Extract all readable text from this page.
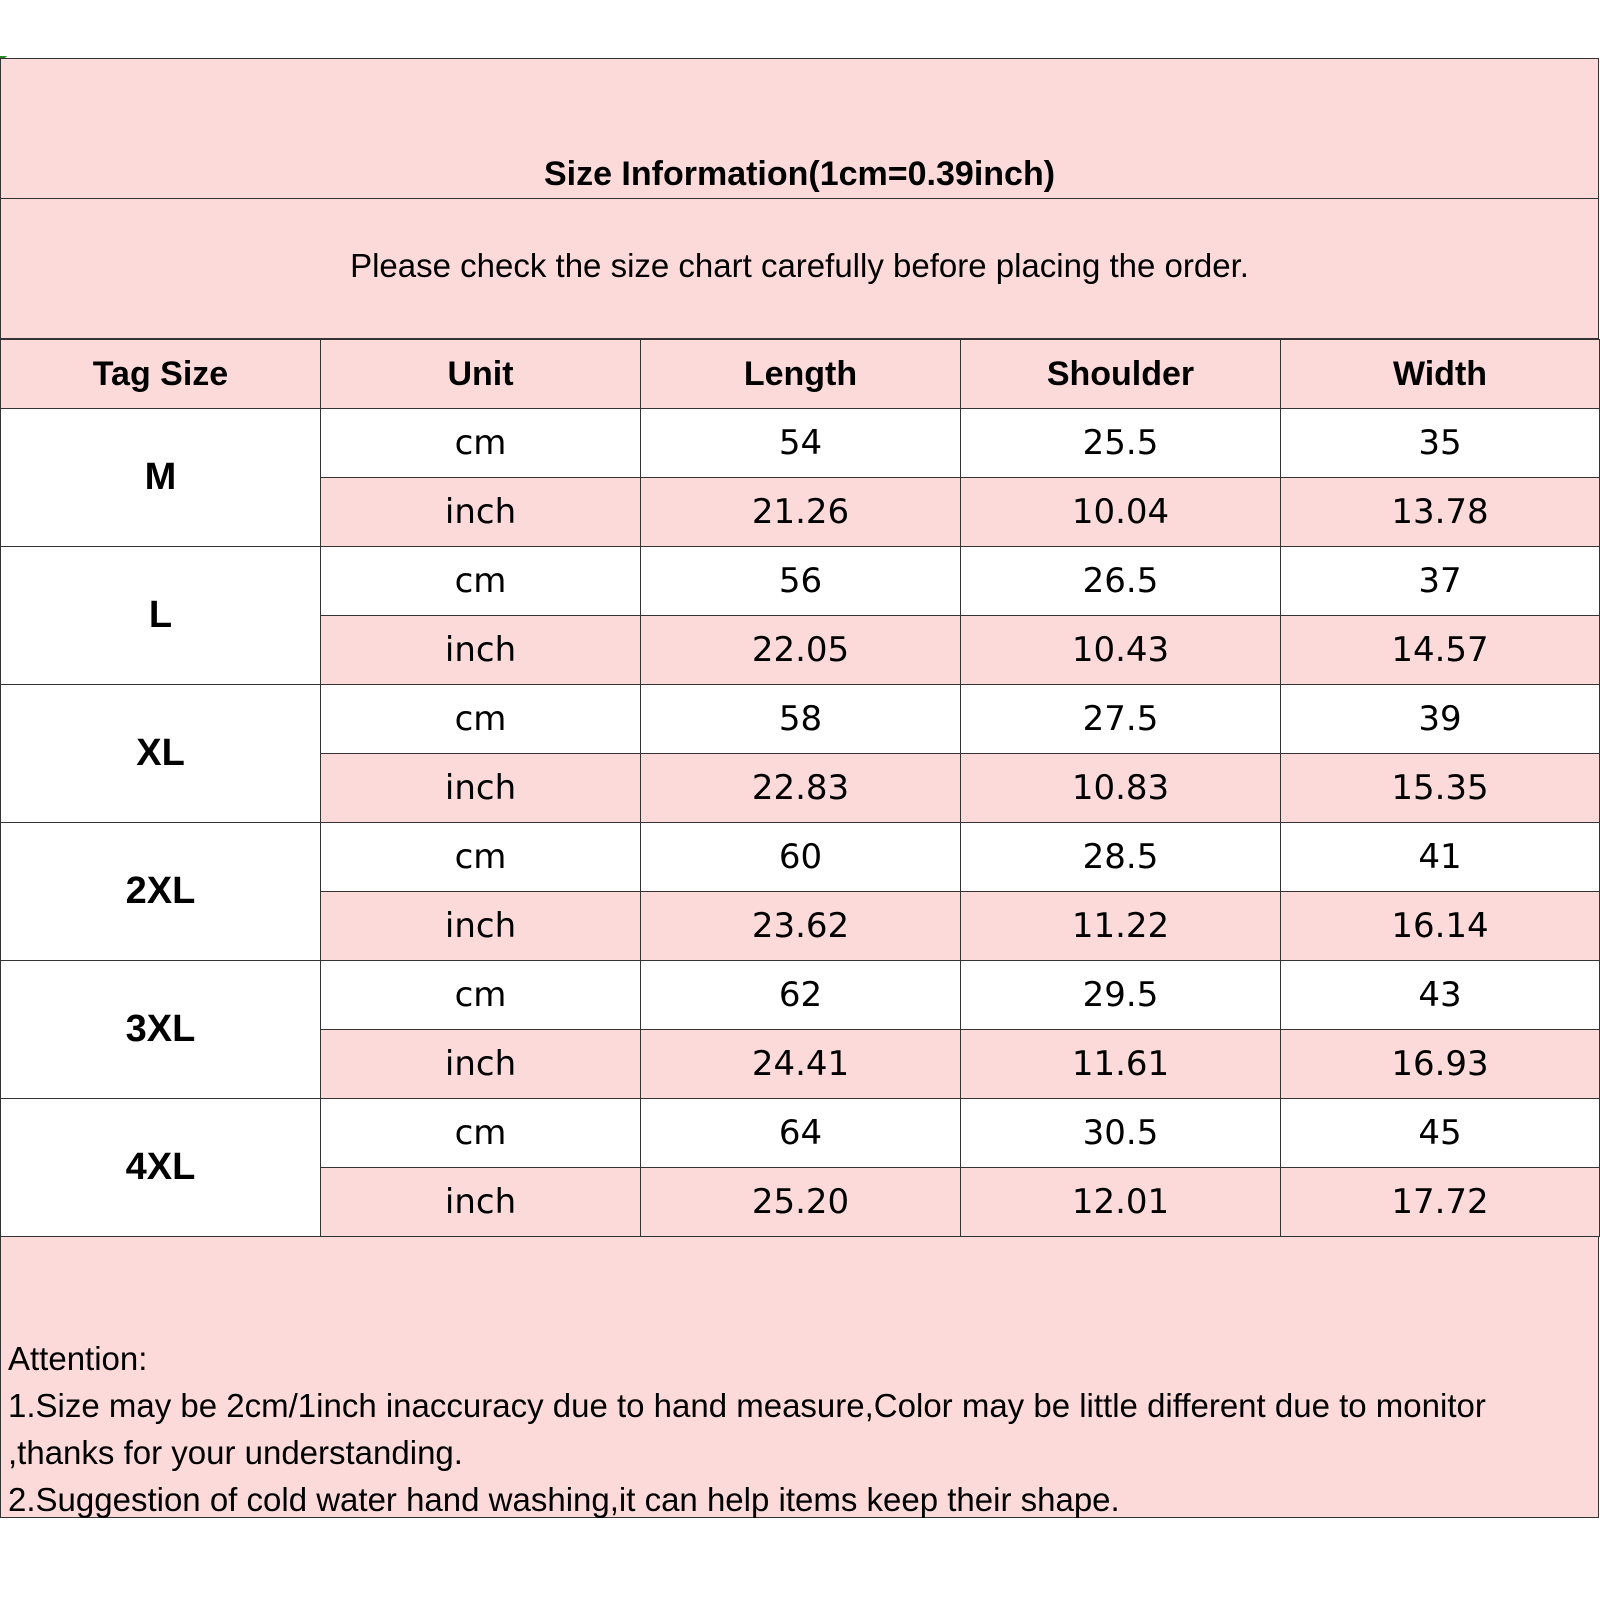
Size Information(1cm=0.39inch)
Please check the size chart carefully before placing the order.
Tag Size	Unit	Length	Shoulder	Width
M	cm	54	25.5	35
	inch	21.26	10.04	13.78
L	cm	56	26.5	37
	inch	22.05	10.43	14.57
XL	cm	58	27.5	39
	inch	22.83	10.83	15.35
2XL	cm	60	28.5	41
	inch	23.62	11.22	16.14
3XL	cm	62	29.5	43
	inch	24.41	11.61	16.93
4XL	cm	64	30.5	45
	inch	25.20	12.01	17.72
Attention:
1.Size may be 2cm/1inch inaccuracy due to hand measure,Color may be little different due to monitor ,thanks for your understanding.
2.Suggestion of cold water hand washing,it can help items keep their shape.
